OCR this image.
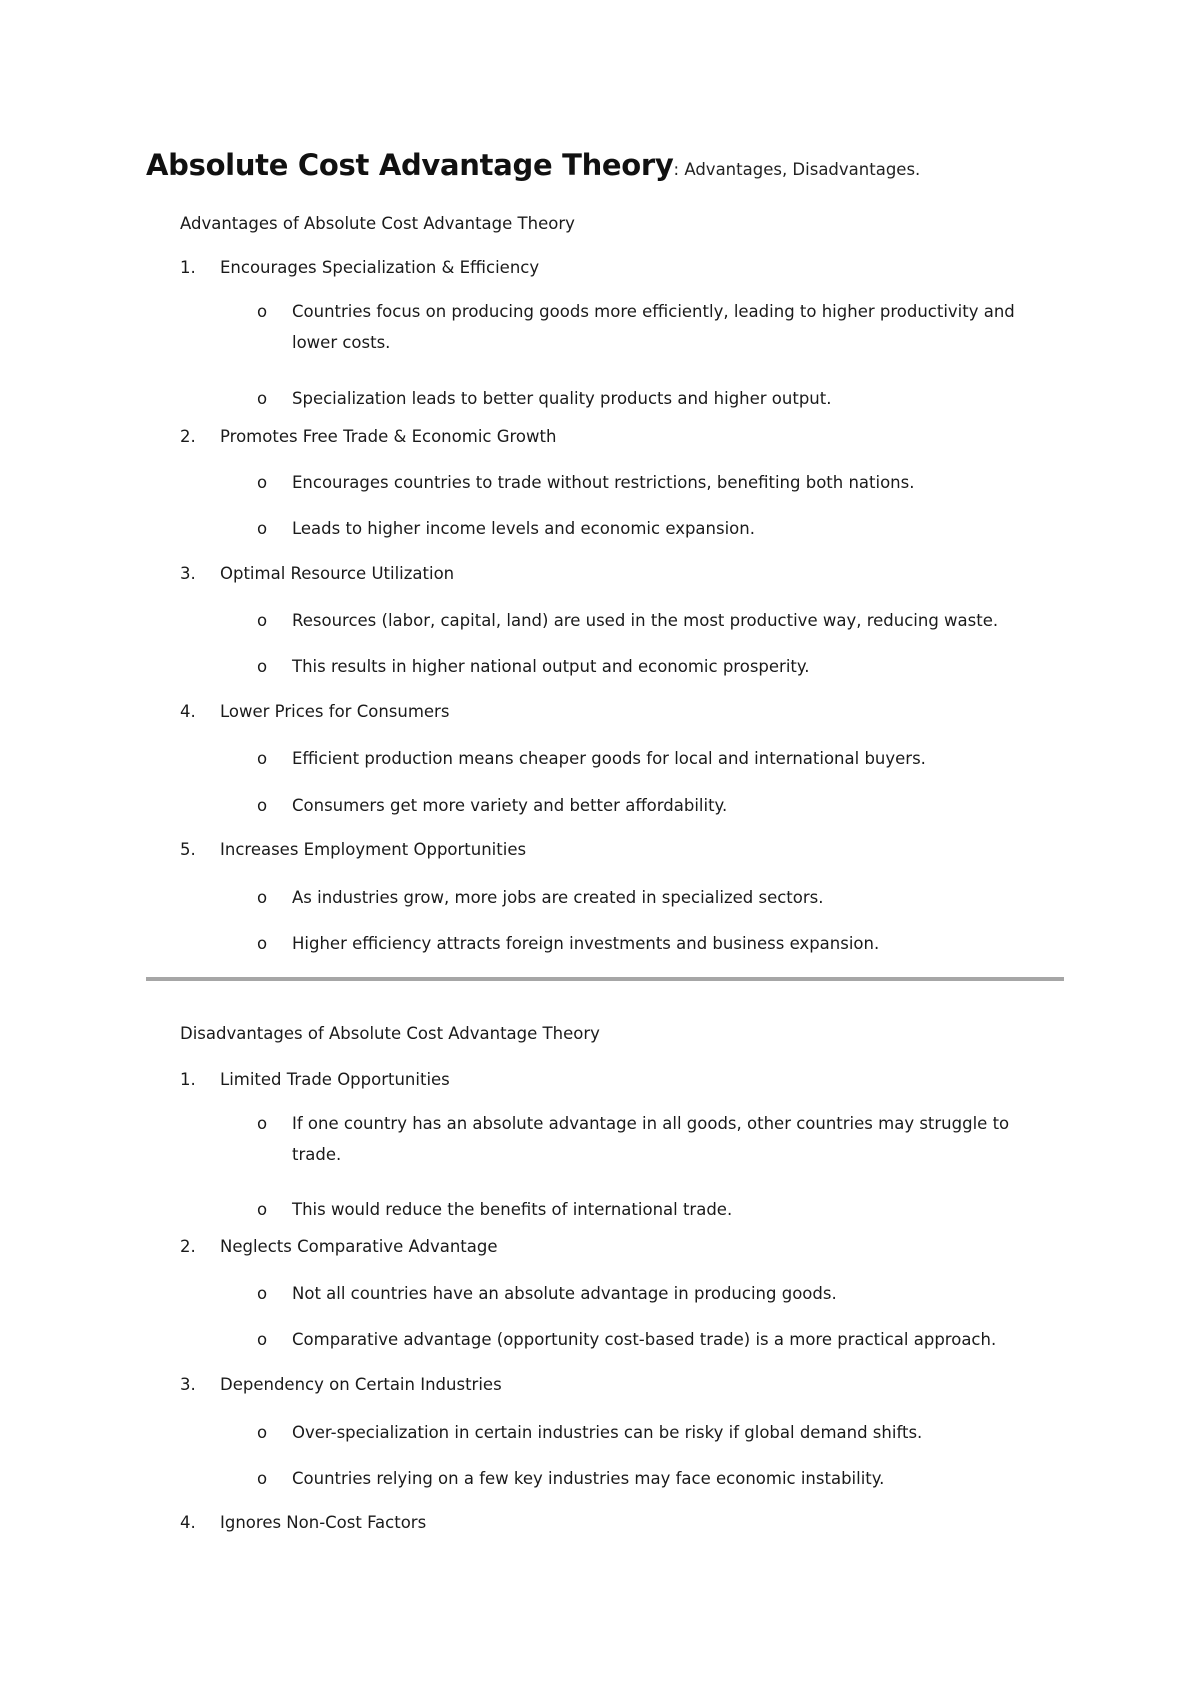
Absolute Cost Advantage Theory: Advantages, Disadvantages.
Advantages of Absolute Cost Advantage Theory
1. Encourages Specialization & Efficiency
o	Countries focus on producing goods more efficiently, leading to higher productivity and lower costs.
o	Specialization leads to better quality products and higher output.
2. Promotes Free Trade & Economic Growth
o	Encourages countries to trade without restrictions, benefiting both nations.
o	Leads to higher income levels and economic expansion.
3. Optimal Resource Utilization
o	Resources (labor, capital, land) are used in the most productive way, reducing waste.
o	This results in higher national output and economic prosperity.
4. Lower Prices for Consumers
o	Efficient production means cheaper goods for local and international buyers.
o	Consumers get more variety and better affordability.
5. Increases Employment Opportunities
o	As industries grow, more jobs are created in specialized sectors.
o	Higher efficiency attracts foreign investments and business expansion.
Disadvantages of Absolute Cost Advantage Theory
1. Limited Trade Opportunities
o	If one country has an absolute advantage in all goods, other countries may struggle to trade.
o	This would reduce the benefits of international trade.
2. Neglects Comparative Advantage
o	Not all countries have an absolute advantage in producing goods.
o	Comparative advantage (opportunity cost-based trade) is a more practical approach.
3. Dependency on Certain Industries
o	Over-specialization in certain industries can be risky if global demand shifts.
o	Countries relying on a few key industries may face economic instability.
4. Ignores Non-Cost Factors
